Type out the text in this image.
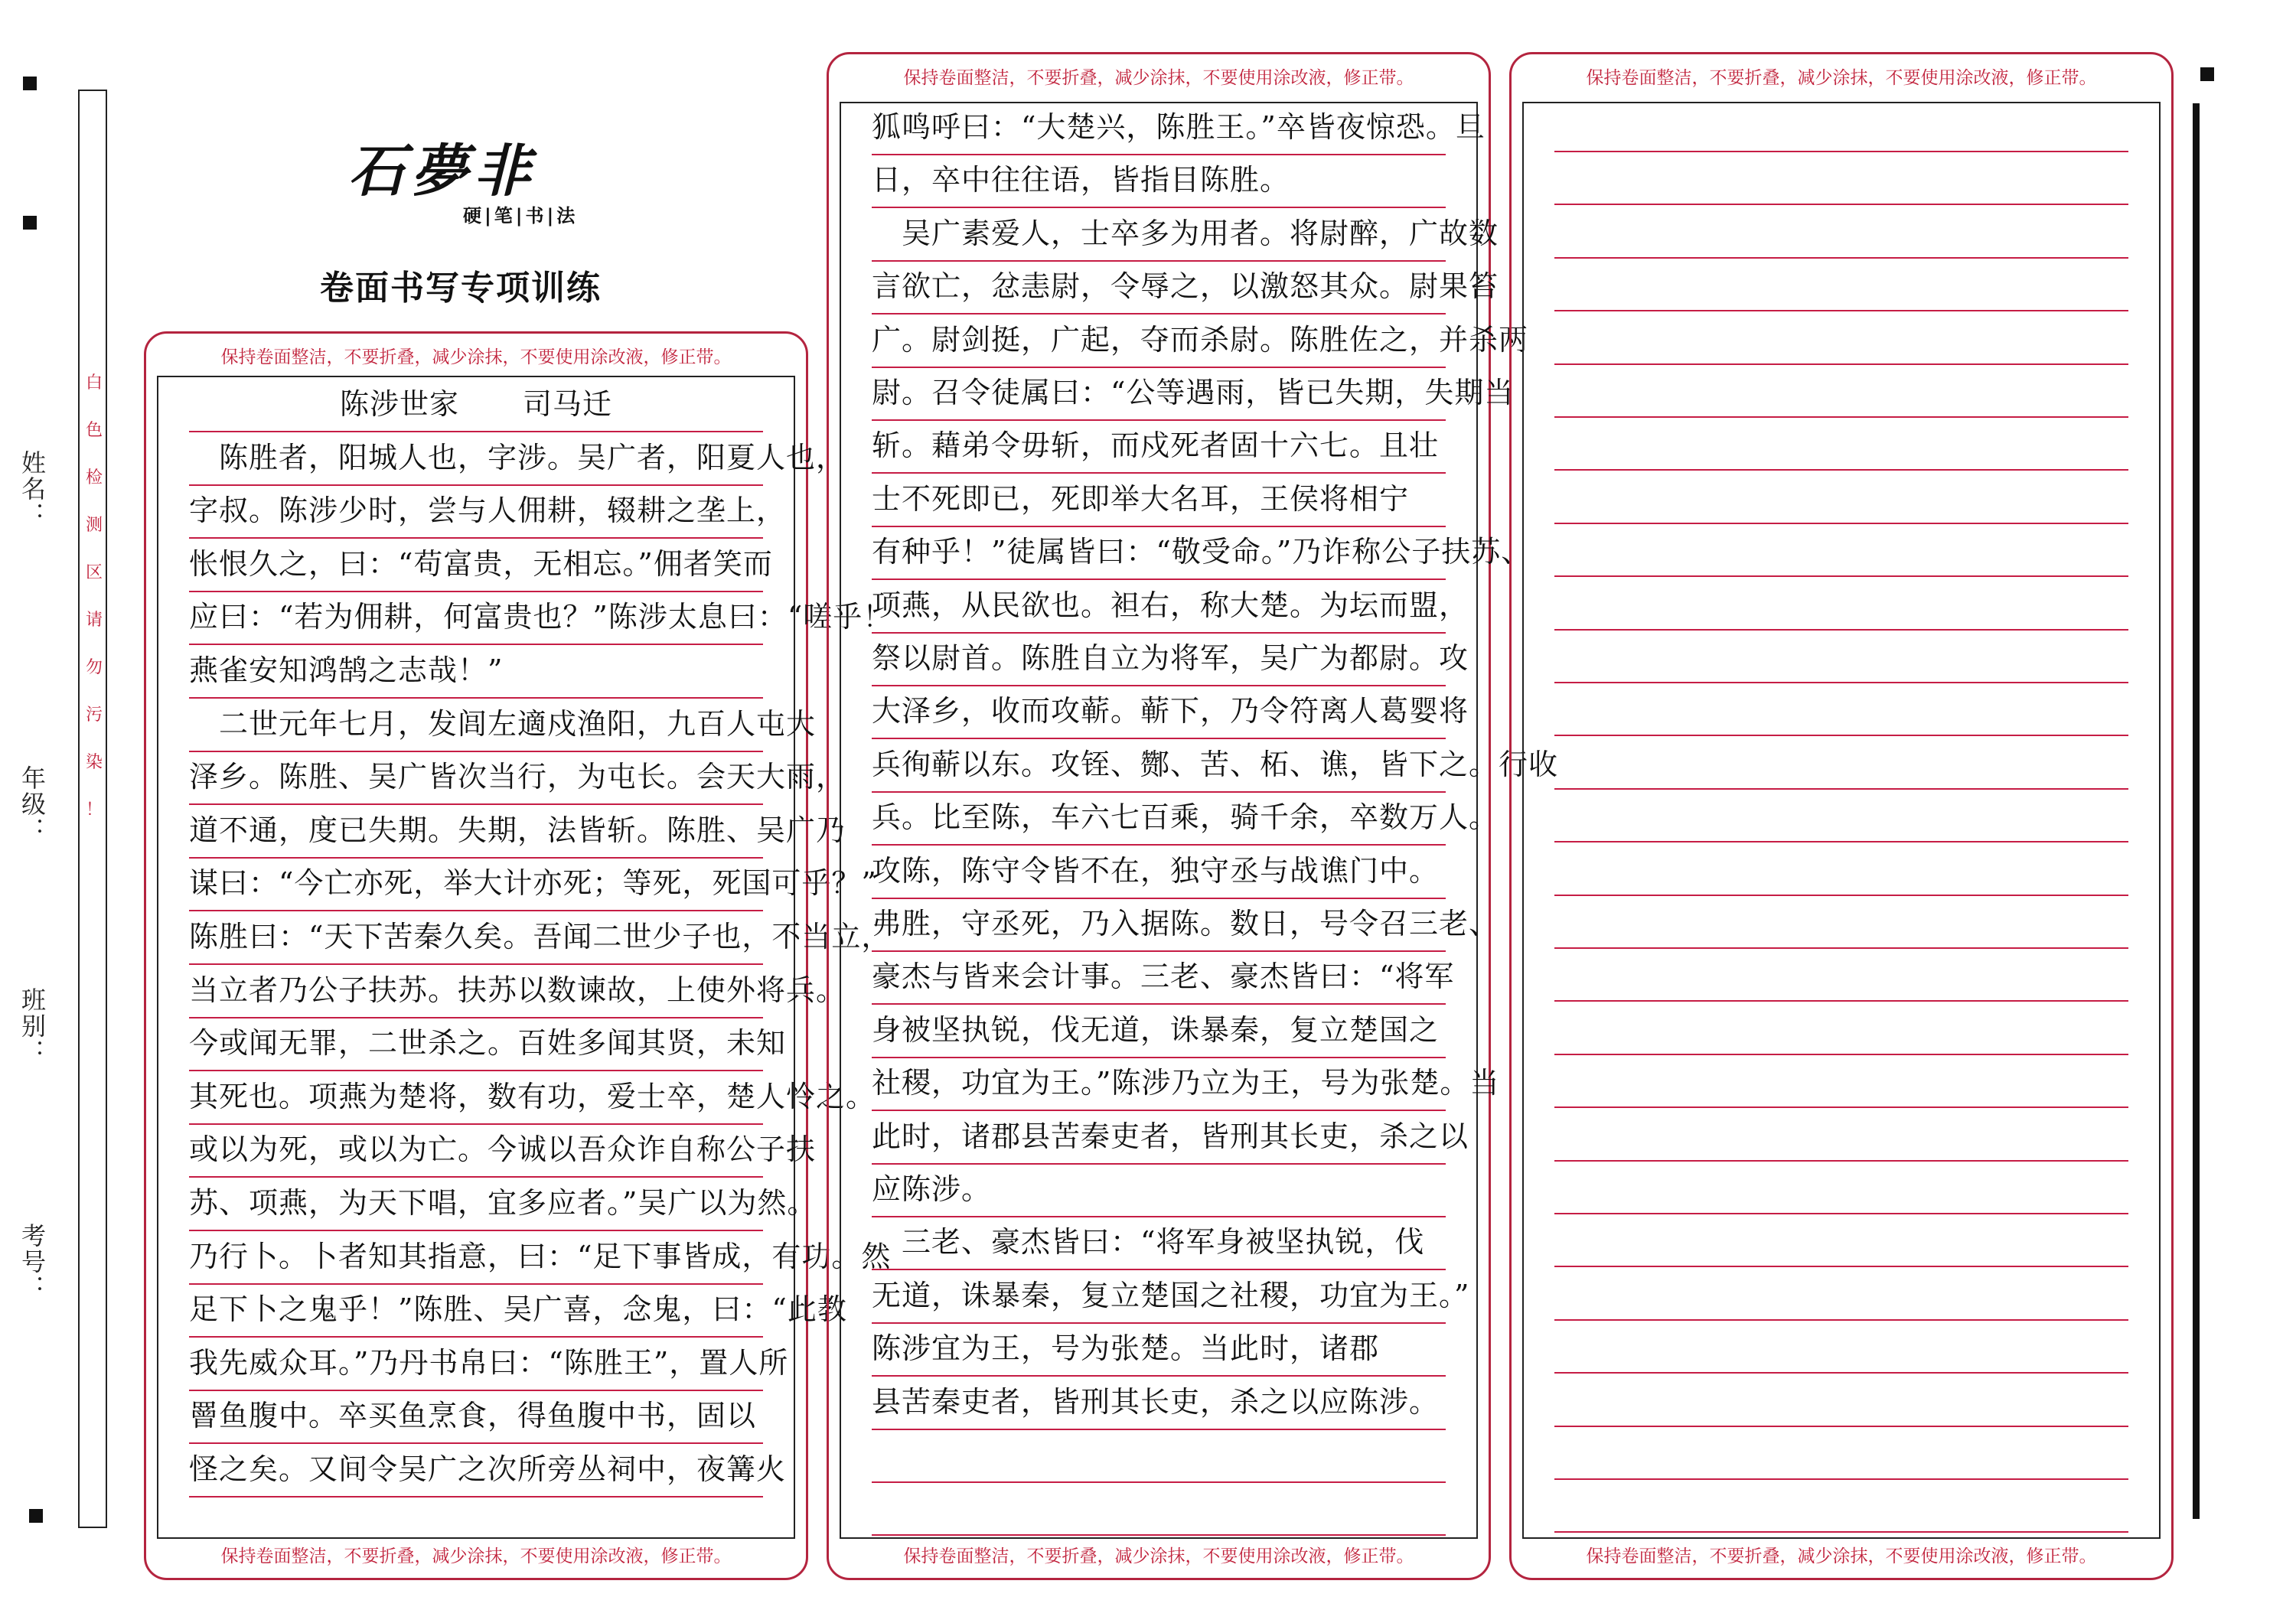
姓名：
年级：
班别：
考号：
白
色
检
测
区
请
勿
污
染
！
石夢非
硬|笔|书|法
卷面书写专项训练
保持卷面整洁，不要折叠，减少涂抹，不要使用涂改液，修正带。
陈涉世家 司马迁
　陈胜者，阳城人也，字涉。吴广者，阳夏人也，
字叔。陈涉少时，尝与人佣耕，辍耕之垄上，
怅恨久之，曰：“苟富贵，无相忘。”佣者笑而
应曰：“若为佣耕，何富贵也？”陈涉太息曰：“嗟乎！
燕雀安知鸿鹄之志哉！”
　二世元年七月，发闾左適戍渔阳，九百人屯大
泽乡。陈胜、吴广皆次当行，为屯长。会天大雨，
道不通，度已失期。失期，法皆斩。陈胜、吴广乃
谋曰：“今亡亦死，举大计亦死；等死，死国可乎？”
陈胜曰：“天下苦秦久矣。吾闻二世少子也，不当立，
当立者乃公子扶苏。扶苏以数谏故，上使外将兵。
今或闻无罪，二世杀之。百姓多闻其贤，未知
其死也。项燕为楚将，数有功，爱士卒，楚人怜之。
或以为死，或以为亡。今诚以吾众诈自称公子扶
苏、项燕，为天下唱，宜多应者。”吴广以为然。
乃行卜。卜者知其指意，曰：“足下事皆成，有功。然
足下卜之鬼乎！”陈胜、吴广喜，念鬼，曰：“此教
我先威众耳。”乃丹书帛曰：“陈胜王”，置人所
罾鱼腹中。卒买鱼烹食，得鱼腹中书，固以
怪之矣。又间令吴广之次所旁丛祠中，夜篝火
保持卷面整洁，不要折叠，减少涂抹，不要使用涂改液，修正带。
保持卷面整洁，不要折叠，减少涂抹，不要使用涂改液，修正带。
狐鸣呼曰：“大楚兴，陈胜王。”卒皆夜惊恐。旦
日，卒中往往语，皆指目陈胜。
　吴广素爱人，士卒多为用者。将尉醉，广故数
言欲亡，忿恚尉，令辱之，以激怒其众。尉果笞
广。尉剑挺，广起，夺而杀尉。陈胜佐之，并杀两
尉。召令徒属曰：“公等遇雨，皆已失期，失期当
斩。藉弟令毋斩，而戍死者固十六七。且壮
士不死即已，死即举大名耳，王侯将相宁
有种乎！”徒属皆曰：“敬受命。”乃诈称公子扶苏、
项燕，从民欲也。袒右，称大楚。为坛而盟，
祭以尉首。陈胜自立为将军，吴广为都尉。攻
大泽乡，收而攻蕲。蕲下，乃令符离人葛婴将
兵徇蕲以东。攻铚、酂、苦、柘、谯，皆下之。行收
兵。比至陈，车六七百乘，骑千余，卒数万人。
攻陈，陈守令皆不在，独守丞与战谯门中。
弗胜，守丞死，乃入据陈。数日，号令召三老、
豪杰与皆来会计事。三老、豪杰皆曰：“将军
身被坚执锐，伐无道，诛暴秦，复立楚国之
社稷，功宜为王。”陈涉乃立为王，号为张楚。当
此时，诸郡县苦秦吏者，皆刑其长吏，杀之以
应陈涉。
　三老、豪杰皆曰：“将军身被坚执锐，伐
无道，诛暴秦，复立楚国之社稷，功宜为王。”
陈涉宜为王，号为张楚。当此时，诸郡
县苦秦吏者，皆刑其长吏，杀之以应陈涉。
保持卷面整洁，不要折叠，减少涂抹，不要使用涂改液，修正带。
保持卷面整洁，不要折叠，减少涂抹，不要使用涂改液，修正带。
保持卷面整洁，不要折叠，减少涂抹，不要使用涂改液，修正带。
